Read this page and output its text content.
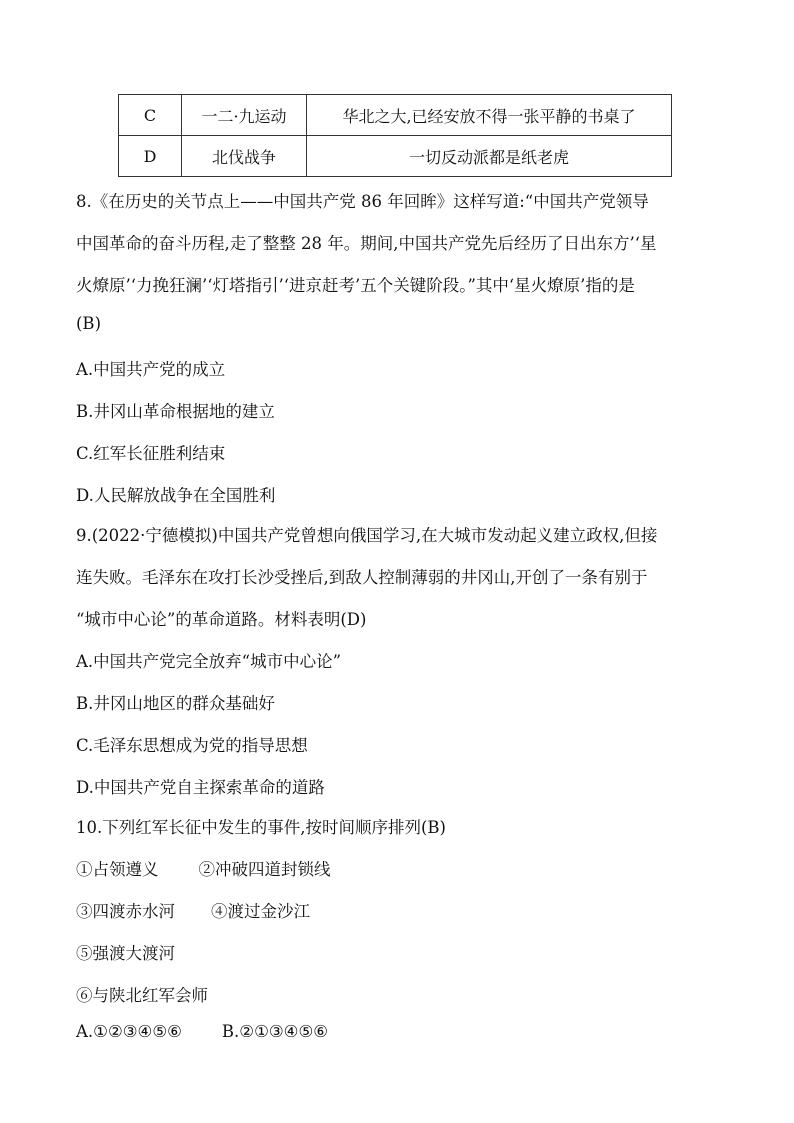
C	一二·九运动	华北之大,已经安放不得一张平静的书桌了
D	北伐战争	一切反动派都是纸老虎
8.《在历史的关节点上——中国共产党 86 年回眸》这样写道:“中国共产党领导
中国革命的奋斗历程,走了整整 28 年。期间,中国共产党先后经历了日出东方’‘星
火燎原’‘力挽狂澜’‘灯塔指引’‘进京赶考’五个关键阶段。”其中‘星火燎原’指的是
(B)
A.中国共产党的成立
B.井冈山革命根据地的建立
C.红军长征胜利结束
D.人民解放战争在全国胜利
9.(2022·宁德模拟)中国共产党曾想向俄国学习,在大城市发动起义建立政权,但接
连失败。毛泽东在攻打长沙受挫后,到敌人控制薄弱的井冈山,开创了一条有别于
“城市中心论”的革命道路。材料表明(D)
A.中国共产党完全放弃“城市中心论”
B.井冈山地区的群众基础好
C.毛泽东思想成为党的指导思想
D.中国共产党自主探索革命的道路
10.下列红军长征中发生的事件,按时间顺序排列(B)
①占领遵义 ②冲破四道封锁线
③四渡赤水河 ④渡过金沙江
⑤强渡大渡河
⑥与陕北红军会师
A.①②③④⑤⑥ B.②①③④⑤⑥
